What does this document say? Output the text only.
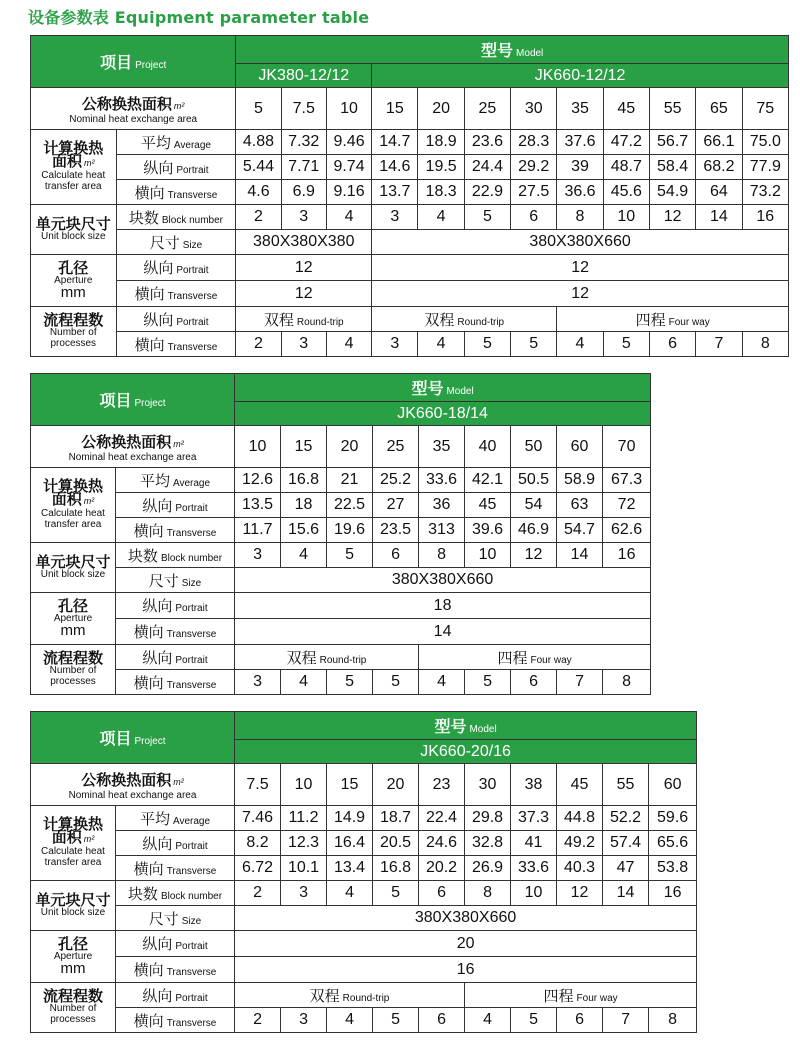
设备参数表 Equipment parameter table
项目 Project		型号 Model											
		JK380-12/12			JK660-12/12								
公称换热面积 m²
Nominal heat exchange area		5	7.5	10	15	20	25	30	35	45	55	65	75
计算换热
面积 m²
Calculate heat
transfer area	平均 Average	4.88	7.32	9.46	14.7	18.9	23.6	28.3	37.6	47.2	56.7	66.1	75.0
	纵向 Portrait	5.44	7.71	9.74	14.6	19.5	24.4	29.2	39	48.7	58.4	68.2	77.9
	横向 Transverse	4.6	6.9	9.16	13.7	18.3	22.9	27.5	36.6	45.6	54.9	64	73.2
单元块尺寸
Unit block size	块数 Block number	2	3	4	3	4	5	6	8	10	12	14	16
	尺寸 Size	380X380X380			380X380X660								
孔径
Aperture
mm	纵向 Portrait	12			12								
	横向 Transverse	12			12								
流程程数
Number of
processes	纵向 Portrait	双程 Round-trip			双程 Round-trip				四程 Four way				
	横向 Transverse	2	3	4	3	4	5	5	4	5	6	7	8
项目 Project		型号 Model								
		JK660-18/14								
公称换热面积 m²
Nominal heat exchange area		10	15	20	25	35	40	50	60	70
计算换热
面积 m²
Calculate heat
transfer area	平均 Average	12.6	16.8	21	25.2	33.6	42.1	50.5	58.9	67.3
	纵向 Portrait	13.5	18	22.5	27	36	45	54	63	72
	横向 Transverse	11.7	15.6	19.6	23.5	313	39.6	46.9	54.7	62.6
单元块尺寸
Unit block size	块数 Block number	3	4	5	6	8	10	12	14	16
	尺寸 Size	380X380X660								
孔径
Aperture
mm	纵向 Portrait	18								
	横向 Transverse	14								
流程程数
Number of
processes	纵向 Portrait	双程 Round-trip				四程 Four way				
	横向 Transverse	3	4	5	5	4	5	6	7	8
项目 Project		型号 Model									
		JK660-20/16									
公称换热面积 m²
Nominal heat exchange area		7.5	10	15	20	23	30	38	45	55	60
计算换热
面积 m²
Calculate heat
transfer area	平均 Average	7.46	11.2	14.9	18.7	22.4	29.8	37.3	44.8	52.2	59.6
	纵向 Portrait	8.2	12.3	16.4	20.5	24.6	32.8	41	49.2	57.4	65.6
	横向 Transverse	6.72	10.1	13.4	16.8	20.2	26.9	33.6	40.3	47	53.8
单元块尺寸
Unit block size	块数 Block number	2	3	4	5	6	8	10	12	14	16
	尺寸 Size	380X380X660									
孔径
Aperture
mm	纵向 Portrait	20									
	横向 Transverse	16									
流程程数
Number of
processes	纵向 Portrait	双程 Round-trip					四程 Four way				
	横向 Transverse	2	3	4	5	6	4	5	6	7	8
